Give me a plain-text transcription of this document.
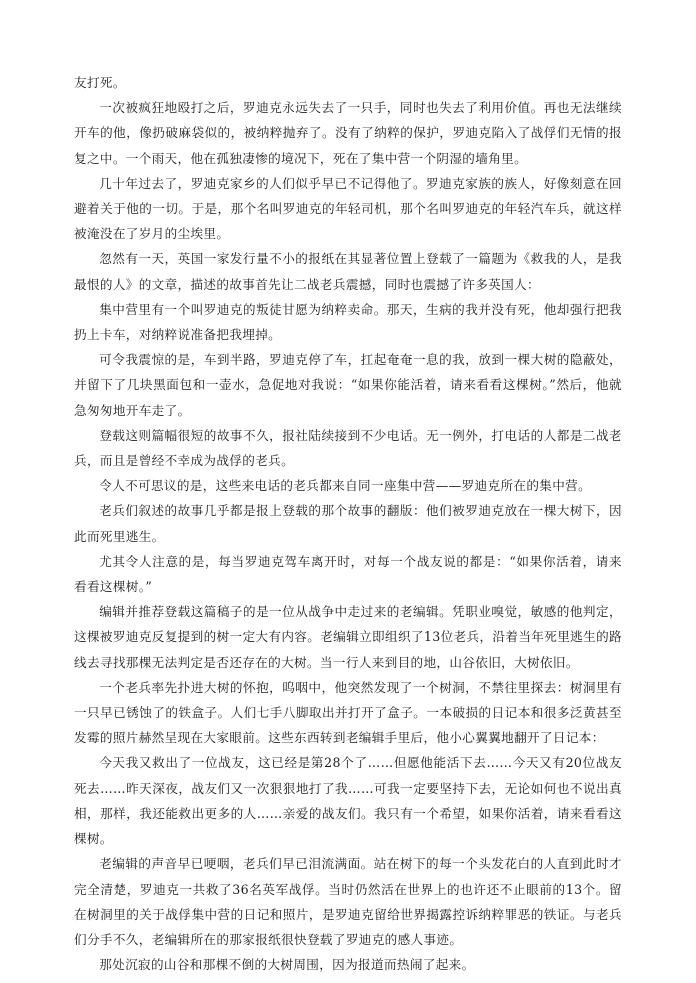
友打死。

一次被疯狂地殴打之后，罗迪克永远失去了一只手，同时也失去了利用价值。再也无法继续开车的他，像扔破麻袋似的，被纳粹抛弃了。没有了纳粹的保护，罗迪克陷入了战俘们无情的报复之中。一个雨天，他在孤独凄惨的境况下，死在了集中营一个阴湿的墙角里。

几十年过去了，罗迪克家乡的人们似乎早已不记得他了。罗迪克家族的族人，好像刻意在回避着关于他的一切。于是，那个名叫罗迪克的年轻司机，那个名叫罗迪克的年轻汽车兵，就这样被淹没在了岁月的尘埃里。

忽然有一天，英国一家发行量不小的报纸在其显著位置上登载了一篇题为《救我的人，是我最恨的人》的文章，描述的故事首先让二战老兵震撼，同时也震撼了许多英国人：

集中营里有一个叫罗迪克的叛徒甘愿为纳粹卖命。那天，生病的我并没有死，他却强行把我扔上卡车，对纳粹说准备把我埋掉。

可令我震惊的是，车到半路，罗迪克停了车，扛起奄奄一息的我，放到一棵大树的隐蔽处，并留下了几块黑面包和一壶水，急促地对我说：“如果你能活着，请来看看这棵树。”然后，他就急匆匆地开车走了。

登载这则篇幅很短的故事不久，报社陆续接到不少电话。无一例外，打电话的人都是二战老兵，而且是曾经不幸成为战俘的老兵。

令人不可思议的是，这些来电话的老兵都来自同一座集中营——罗迪克所在的集中营。

老兵们叙述的故事几乎都是报上登载的那个故事的翻版：他们被罗迪克放在一棵大树下，因此而死里逃生。

尤其令人注意的是，每当罗迪克驾车离开时，对每一个战友说的都是：“如果你活着，请来看看这棵树。”

编辑并推荐登载这篇稿子的是一位从战争中走过来的老编辑。凭职业嗅觉，敏感的他判定，这棵被罗迪克反复提到的树一定大有内容。老编辑立即组织了13位老兵，沿着当年死里逃生的路线去寻找那棵无法判定是否还存在的大树。当一行人来到目的地，山谷依旧，大树依旧。

一个老兵率先扑进大树的怀抱，呜咽中，他突然发现了一个树洞，不禁往里探去：树洞里有一只早已锈蚀了的铁盒子。人们七手八脚取出并打开了盒子。一本破损的日记本和很多泛黄甚至发霉的照片赫然呈现在大家眼前。这些东西转到老编辑手里后，他小心翼翼地翻开了日记本：

今天我又救出了一位战友，这已经是第28个了……但愿他能活下去……今天又有20位战友死去……昨天深夜，战友们又一次狠狠地打了我……可我一定要坚持下去，无论如何也不说出真相，那样，我还能救出更多的人……亲爱的战友们。我只有一个希望，如果你活着，请来看看这棵树。

老编辑的声音早已哽咽，老兵们早已泪流满面。站在树下的每一个头发花白的人直到此时才完全清楚，罗迪克一共救了36名英军战俘。当时仍然活在世界上的也许还不止眼前的13个。留在树洞里的关于战俘集中营的日记和照片，是罗迪克留给世界揭露控诉纳粹罪恶的铁证。与老兵们分手不久，老编辑所在的那家报纸很快登载了罗迪克的感人事迹。

那处沉寂的山谷和那棵不倒的大树周围，因为报道而热闹了起来。
